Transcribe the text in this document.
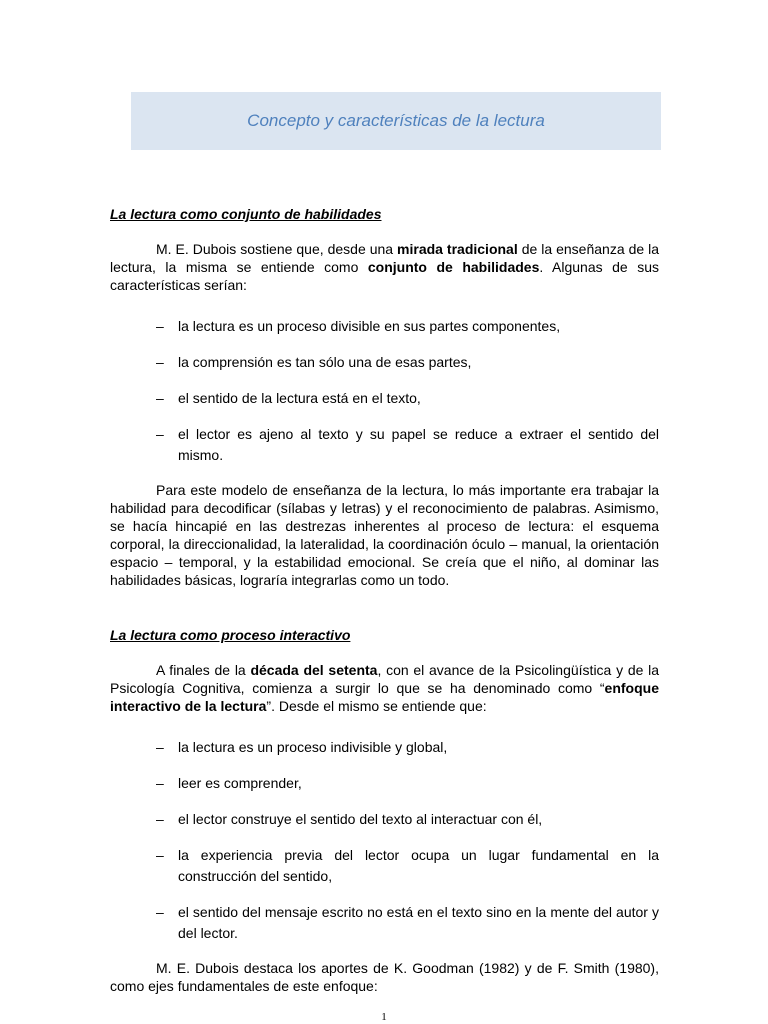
Concepto y características de la lectura
La lectura como conjunto de habilidades

M. E. Dubois sostiene que, desde una mirada tradicional de la enseñanza de la lectura, la misma se entiende como conjunto de habilidades. Algunas de sus características serían:

– la lectura es un proceso divisible en sus partes componentes,
– la comprensión es tan sólo una de esas partes,
– el sentido de la lectura está en el texto,
– el lector es ajeno al texto y su papel se reduce a extraer el sentido del mismo.

Para este modelo de enseñanza de la lectura, lo más importante era trabajar la habilidad para decodificar (sílabas y letras) y el reconocimiento de palabras. Asimismo, se hacía hincapié en las destrezas inherentes al proceso de lectura: el esquema corporal, la direccionalidad, la lateralidad, la coordinación óculo – manual, la orientación espacio – temporal, y la estabilidad emocional. Se creía que el niño, al dominar las habilidades básicas, lograría integrarlas como un todo.

La lectura como proceso interactivo

A finales de la década del setenta, con el avance de la Psicolingüística y de la Psicología Cognitiva, comienza a surgir lo que se ha denominado como “enfoque interactivo de la lectura”. Desde el mismo se entiende que:

– la lectura es un proceso indivisible y global,
– leer es comprender,
– el lector construye el sentido del texto al interactuar con él,
– la experiencia previa del lector ocupa un lugar fundamental en la construcción del sentido,
– el sentido del mensaje escrito no está en el texto sino en la mente del autor y del lector.

M. E. Dubois destaca los aportes de K. Goodman (1982) y de F. Smith (1980), como ejes fundamentales de este enfoque:

1
